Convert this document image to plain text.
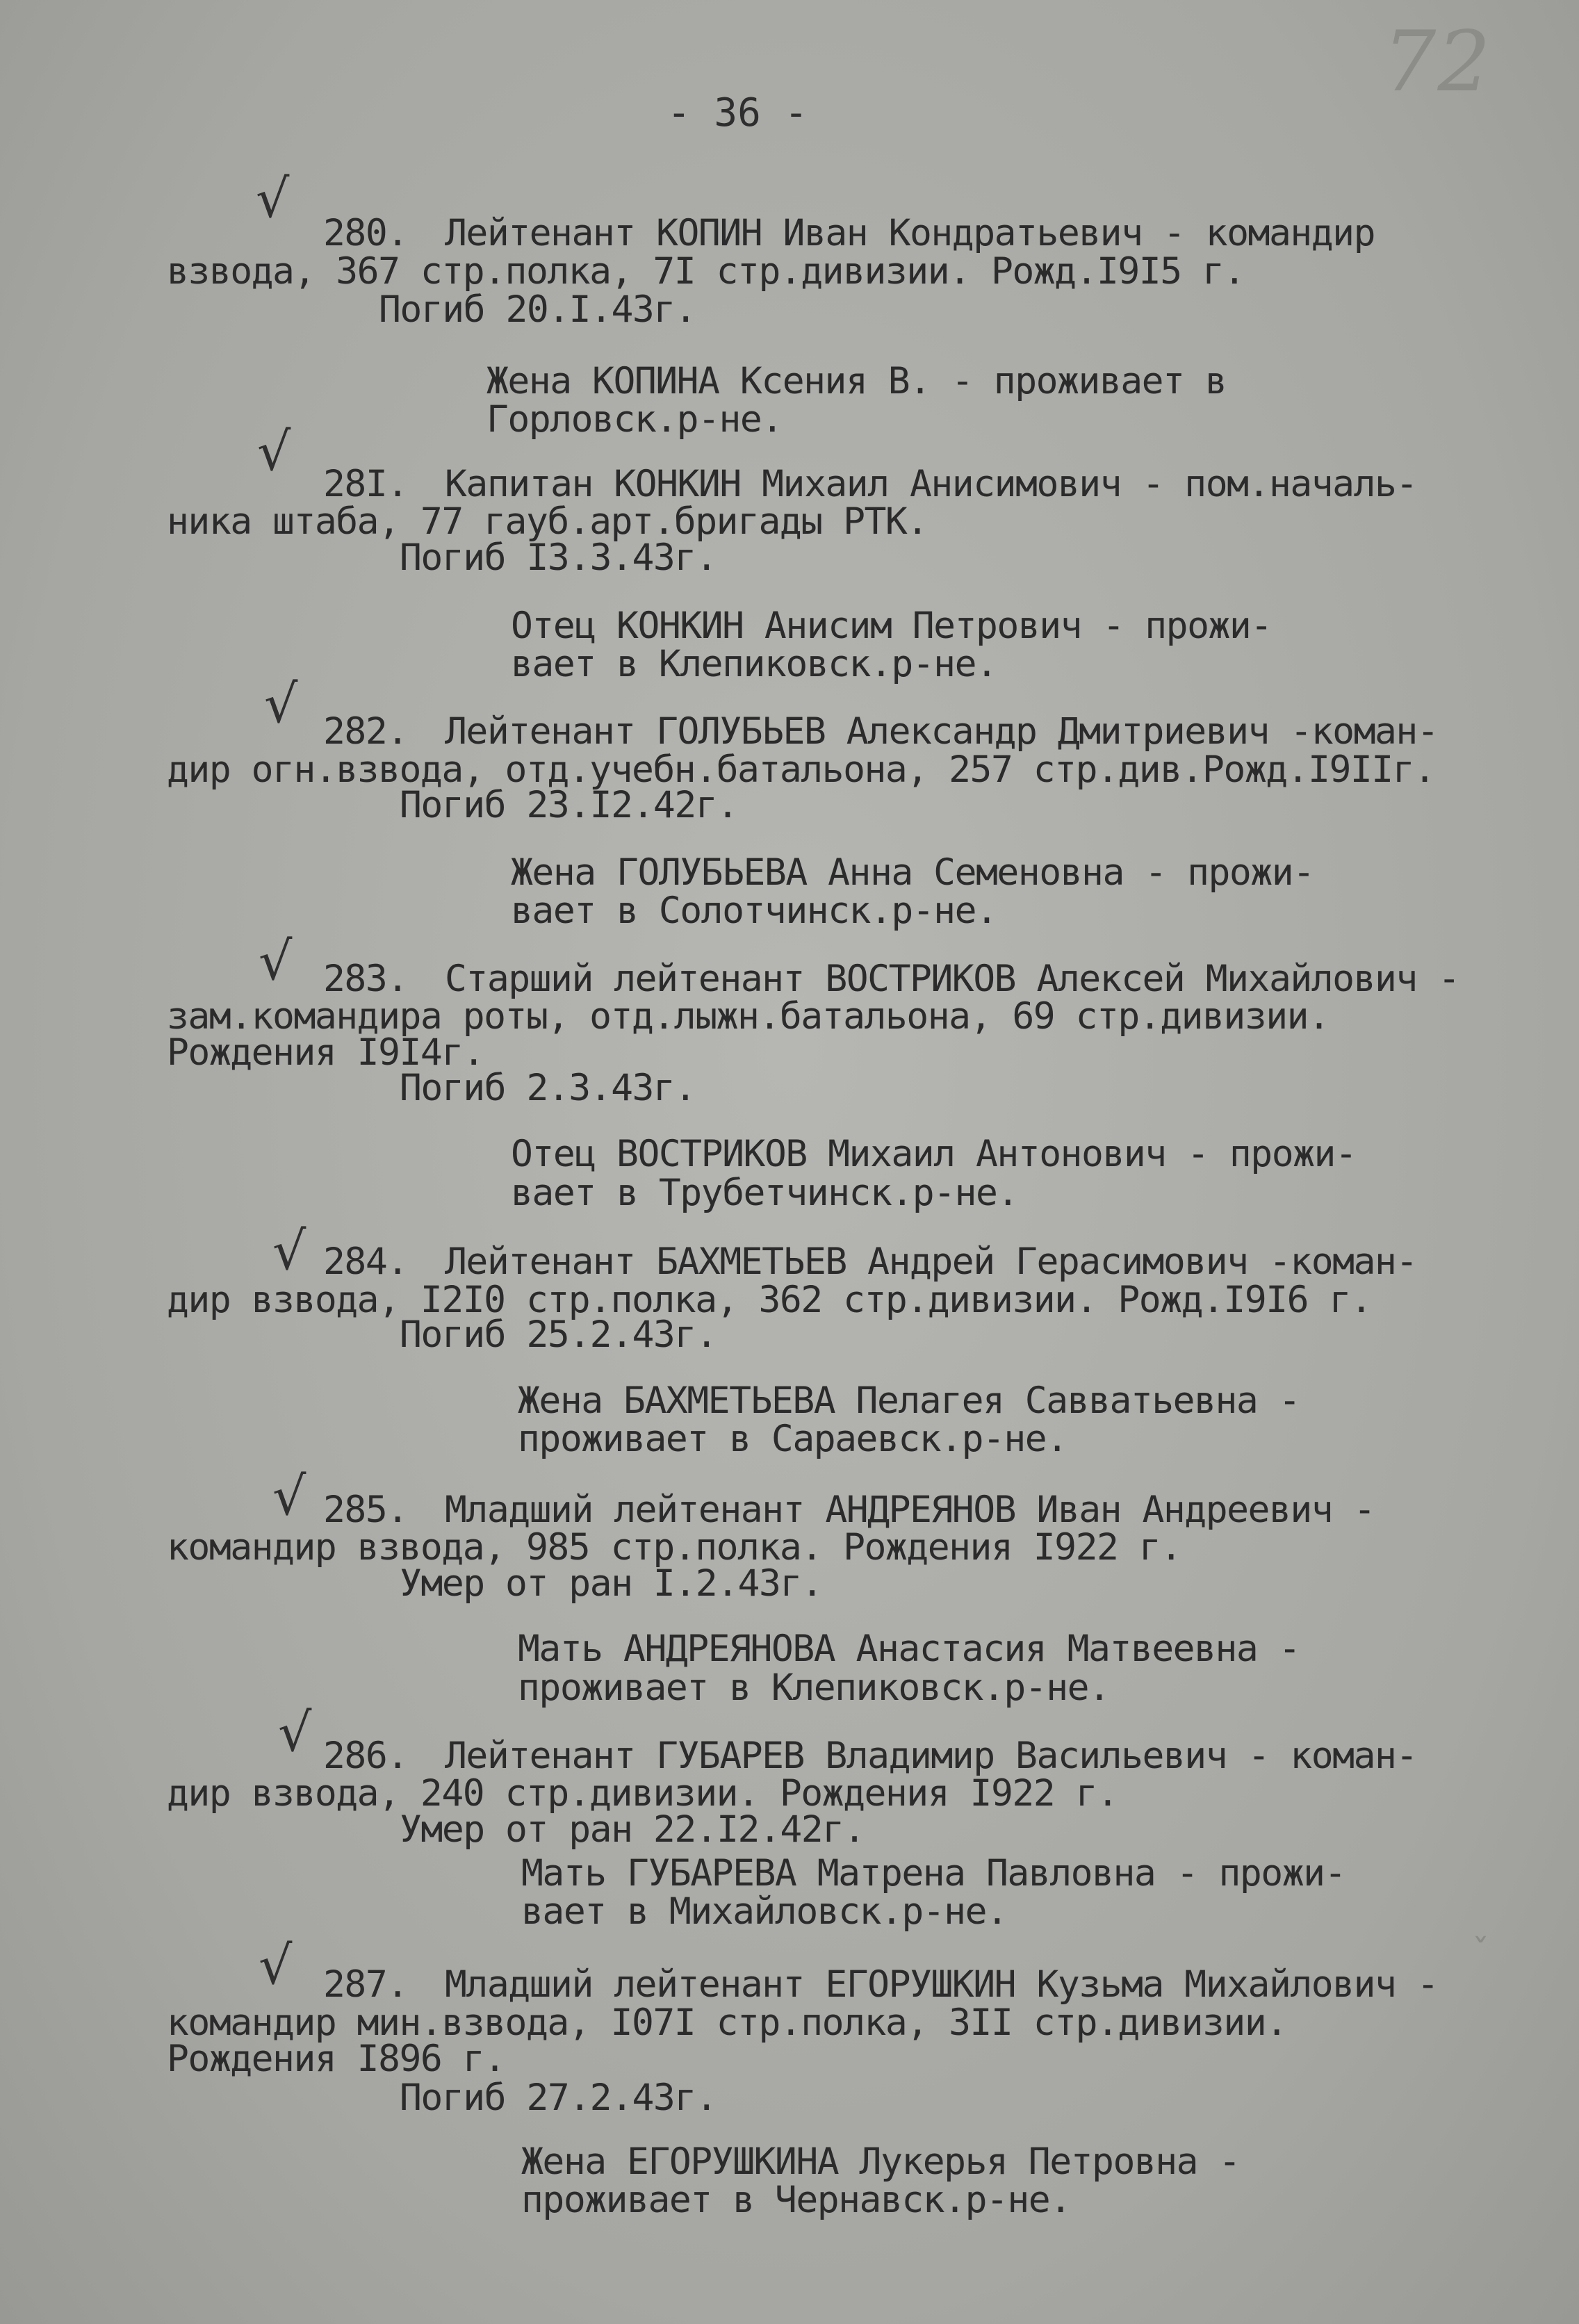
72
- 36 -
√
280. Лейтенант КОПИН Иван Кондратьевич - командир
взвода, 367 стр.полка, 7I стр.дивизии. Рожд.I9I5 г.
Погиб 20.I.43г.
Жена КОПИНА Ксения В. - проживает в
Горловск.р-не.
√
28I. Капитан КОНКИН Михаил Анисимович - пом.началь-
ника штаба, 77 гауб.арт.бригады РТК.
Погиб I3.3.43г.
Отец КОНКИН Анисим Петрович - прожи-
вает в Клепиковск.р-не.
√ 282. Лейтенант ГОЛУБЬЕВ Александр Дмитриевич -коман-
дир огн.взвода, отд.учебн.батальона, 257 стр.див.Рожд.I9IIг.
Погиб 23.I2.42г.
Жена ГОЛУБЬЕВА Анна Семеновна - прожи-
вает в Солотчинск.р-не.
√ 283. Старший лейтенант ВОСТРИКОВ Алексей Михайлович -
зам.командира роты, отд.лыжн.батальона, 69 стр.дивизии.
Рождения I9I4г.
Погиб 2.3.43г.
Отец ВОСТРИКОВ Михаил Антонович - прожи-
вает в Трубетчинск.р-не.
√ 284. Лейтенант БАХМЕТЬЕВ Андрей Герасимович -коман-
дир взвода, I2I0 стр.полка, 362 стр.дивизии. Рожд.I9I6 г.
Погиб 25.2.43г.
Жена БАХМЕТЬЕВА Пелагея Савватьевна -
проживает в Сараевск.р-не.
√ 285. Младший лейтенант АНДРЕЯНОВ Иван Андреевич -
командир взвода, 985 стр.полка. Рождения I922 г.
Умер от ран I.2.43г.
Мать АНДРЕЯНОВА Анастасия Матвеевна -
проживает в Клепиковск.р-не.
√ 286. Лейтенант ГУБАРЕВ Владимир Васильевич - коман-
дир взвода, 240 стр.дивизии. Рождения I922 г.
Умер от ран 22.I2.42г.
Мать ГУБАРЕВА Матрена Павловна - прожи-
вает в Михайловск.р-не.
ˇ
√ 287. Младший лейтенант ЕГОРУШКИН Кузьма Михайлович -
командир мин.взвода, I07I стр.полка, 3II стр.дивизии.
Рождения I896 г.
Погиб 27.2.43г.
Жена ЕГОРУШКИНА Лукерья Петровна -
проживает в Чернавск.р-не.
